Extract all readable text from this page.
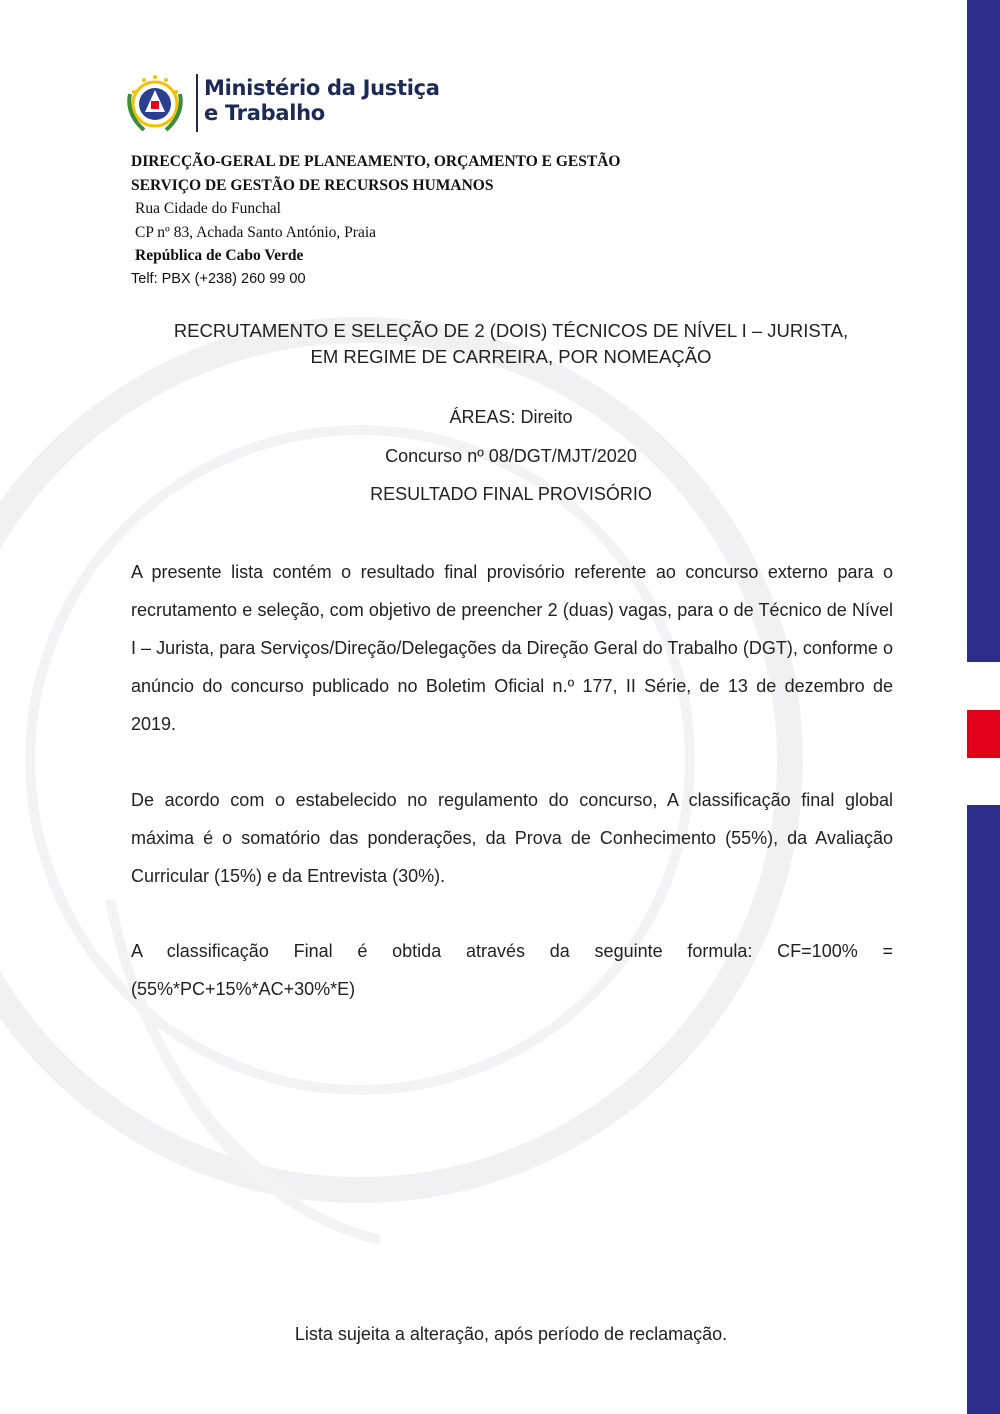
Ministério da Justiça
e Trabalho
DIRECÇÃO-GERAL DE PLANEAMENTO, ORÇAMENTO E GESTÃO
SERVIÇO DE GESTÃO DE RECURSOS HUMANOS
Rua Cidade do Funchal
CP nº 83, Achada Santo António, Praia
República de Cabo Verde
Telf: PBX (+238) 260 99 00
RECRUTAMENTO E SELEÇÃO DE 2 (DOIS) TÉCNICOS DE NÍVEL I – JURISTA,
EM REGIME DE CARREIRA, POR NOMEAÇÃO
ÁREAS: Direito
Concurso nº 08/DGT/MJT/2020
RESULTADO FINAL PROVISÓRIO

A presente lista contém o resultado final provisório referente ao concurso externo para o recrutamento e seleção, com objetivo de preencher 2 (duas) vagas, para o de Técnico de Nível I – Jurista, para Serviços/Direção/Delegações da Direção Geral do Trabalho (DGT), conforme o anúncio do concurso publicado no Boletim Oficial n.º 177, II Série, de 13 de dezembro de 2019.

De acordo com o estabelecido no regulamento do concurso, A classificação final global máxima é o somatório das ponderações, da Prova de Conhecimento (55%), da Avaliação Curricular (15%) e da Entrevista (30%).

A classificação Final é obtida através da seguinte formula: CF=100% =
(55%*PC+15%*AC+30%*E)
Lista sujeita a alteração, após período de reclamação.
